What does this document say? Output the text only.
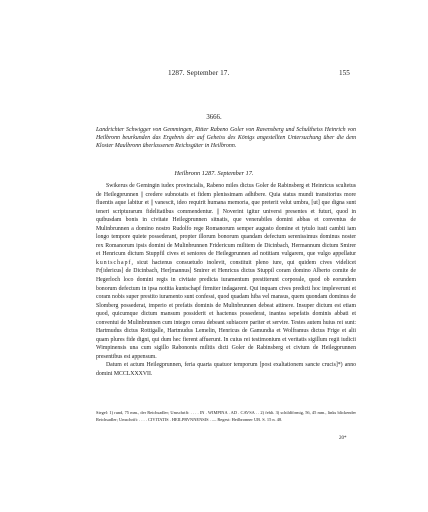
1287. September 17.	155
3666.
Landrichter Schwigger von Gemmingen, Ritter Rabeno Goler von Ravensberg und Schultheiss Heinrich von Heilbronn beurkunden das Ergebnis der auf Geheiss des Königs angestellten Untersuchung über die dem Kloster Maulbronn überlassenen Reichsgüter in Heilbronn.
Heilbronn 1287. September 17.

Swikerus de Gemingin iudex provincialis, Rabeno miles dictus Goler de Rabinsberg et Heinricus scultetus de Heilegprunnen || credere subnotatis et fidem plenissimam adhibere. Quia status mundi transitorius more fluentis aque labitur et || vanescit, ideo requirit humana memoria, que preterit velut umbra, [ut] que digna sunt teneri scripturarum fidelitatibus commendentur. || Noverint igitur universi presentes et futuri, quod in quibusdam bonis in civitate Heilegprunnen sitnatis, que venerabiles domini abbas et conventus de Mulinbrunnen a domino nostro Rudolfo rege Romanorum semper augusto domine et tytulo iusti cambii iam longo tempore quiete possederant, propter illorum bonorum quandam defectum serenissimus dominus noster rex Romanorum ipsis domini de Mulinbrunnen Fridericum militem de Dicinbach, Hermannum dictum Smirer et Henricum dictum Stuppfil cives et seniores de Heilegprunnen ad notitiam vulgarem, que vulgo appellatur kuntschapf, sicut hactenus consuetudo inolevit, constituit pleno iure, qui quidem cives videlicet Fr[idericus] de Dicinbach, Her[mannus] Smirer et Henricus dictus Stuppil coram domino Alberto comite de Hegerloch loco domini regis in civitate predicta iuramentum prestiterunt corporale, quod ob eorundem bonorum defectum in ipsa notitia kuntschapf firmiter indagarent. Qui inquam cives predicti hoc impleverunt et coram nobis super prestito iuramento sunt confessi, quod quadam hiba vel mansus, quem quondam dominus de Slomberg possederat, imperio et prefatis dominis de Mulinbrunnen debeat attinere. Insuper dictum est etiam quod, quicumque dictum mansum possiderit et hactenus possederat, inantea sepefatis dominis abbati et conventui de Mulinbrunnen cum integro censu debeant subiacere pariter et servire. Testes autem huius rei sunt: Hartmudus dictus Rottigalle, Hartmudus Lemelin, Henricus de Gamundia et Wolframus dictus Frige et alii quam plures fide digni, qui dum hec fierent affuerunt. In cuius rei testimonium et veritatis sigillum regii iudicii Wimpinensis una cum sigillo Rabononis militis dicti Goler de Rabinsberg et civium de Heilegprunnen presentibus est appensum.

Datum et actum Heilegprunnen, feria quarta quatuor temporum [post exaltationem sancte crucis]*) anno domini MCCLXXXVII.

Siegel: 1) rund, 75 mm., der Reichsadler; Umschrift: . . . . IN . WIMPINA . AD . CAVSA . . 2) fehlt. 3) schildförmig, 56, 45 mm., links blickender Reichsadler; Umschrift: . . . . CIVITATIS . HEILPRVNNENSIS . — Regest: Heilbronner UB. S. 15 n. 48.

20*
